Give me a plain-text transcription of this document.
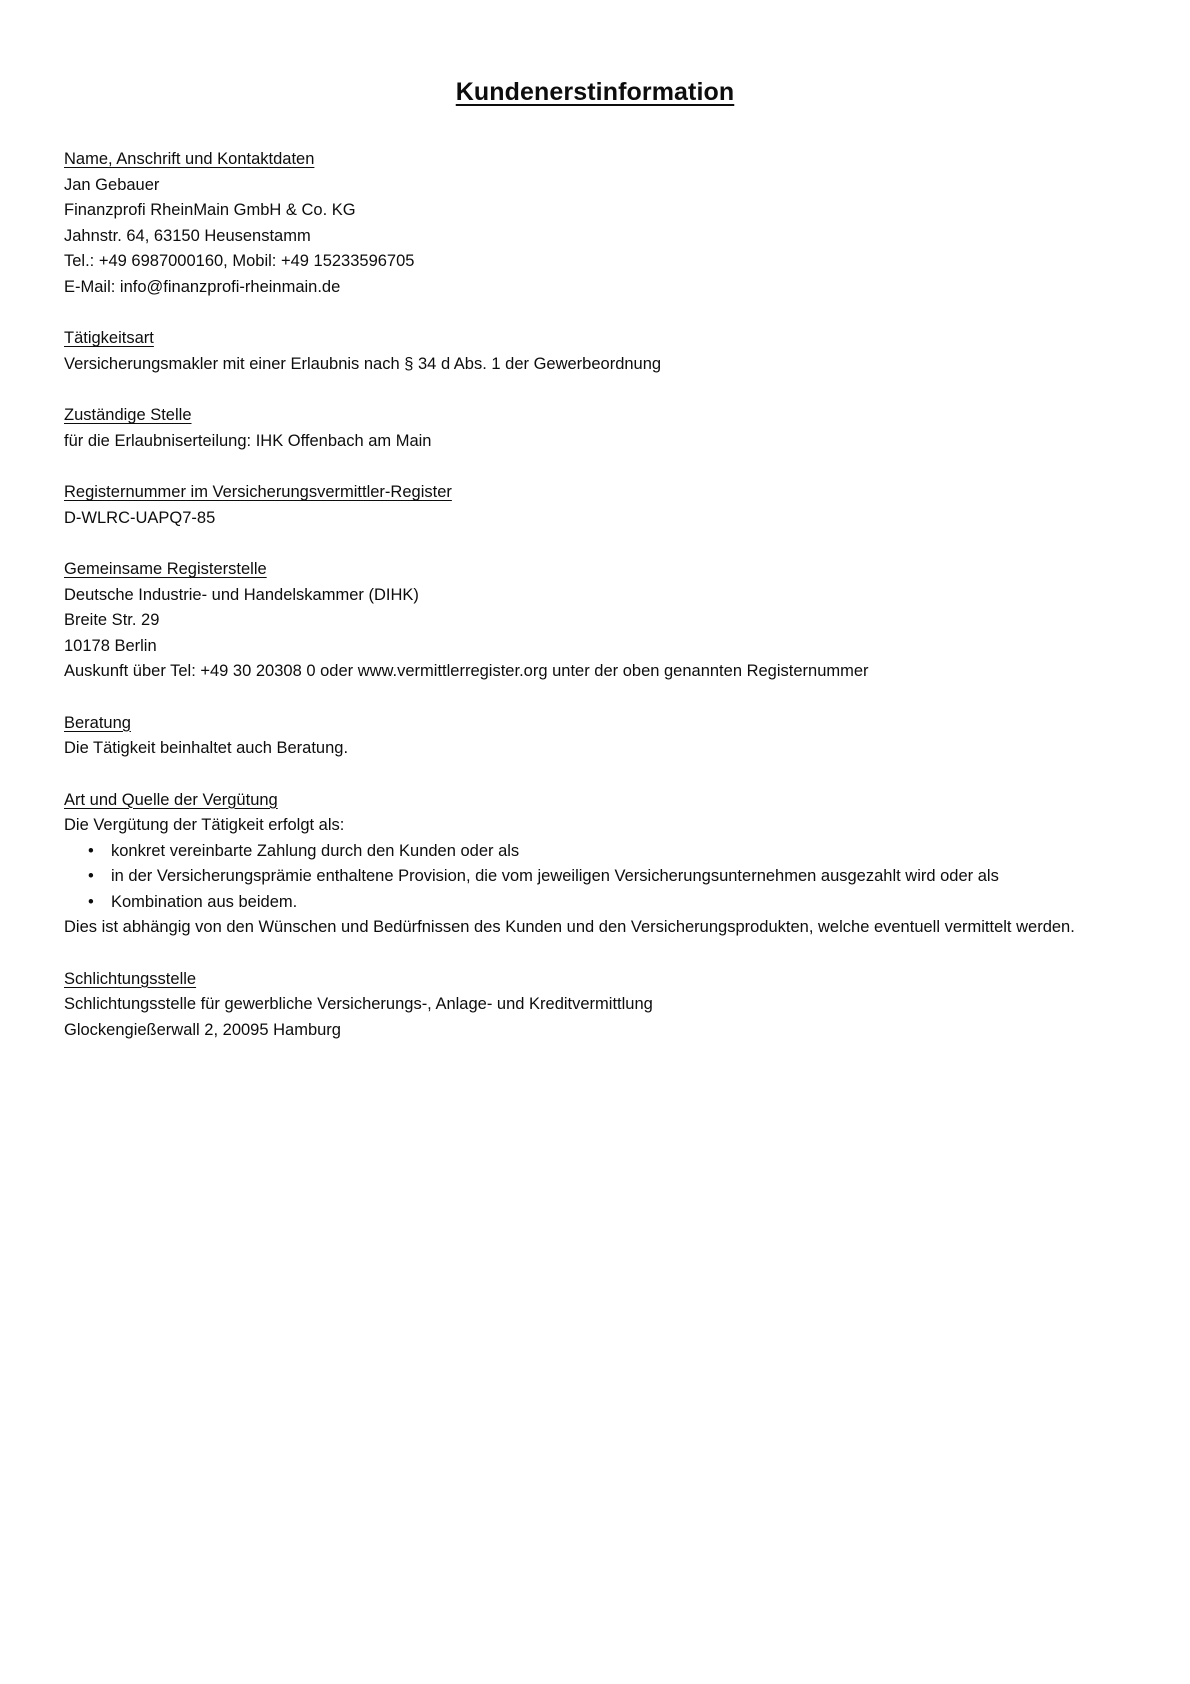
Kundenerstinformation
Name, Anschrift und Kontaktdaten

Jan Gebauer

Finanzprofi RheinMain GmbH & Co. KG

Jahnstr. 64, 63150 Heusenstamm

Tel.: +49 6987000160, Mobil: +49 15233596705

E-Mail: info@finanzprofi-rheinmain.de

Tätigkeitsart

Versicherungsmakler mit einer Erlaubnis nach § 34 d Abs. 1 der Gewerbeordnung

Zuständige Stelle

für die Erlaubniserteilung: IHK Offenbach am Main

Registernummer im Versicherungsvermittler-Register

D-WLRC-UAPQ7-85

Gemeinsame Registerstelle

Deutsche Industrie- und Handelskammer (DIHK)

Breite Str. 29

10178 Berlin

Auskunft über Tel: +49 30 20308 0 oder www.vermittlerregister.org unter der oben genannten Registernummer

Beratung

Die Tätigkeit beinhaltet auch Beratung.

Art und Quelle der Vergütung

Die Vergütung der Tätigkeit erfolgt als:

• konkret vereinbarte Zahlung durch den Kunden oder als
• in der Versicherungsprämie enthaltene Provision, die vom jeweiligen Versicherungsunternehmen ausgezahlt wird oder als
• Kombination aus beidem.

Dies ist abhängig von den Wünschen und Bedürfnissen des Kunden und den Versicherungsprodukten, welche eventuell vermittelt werden.

Schlichtungsstelle

Schlichtungsstelle für gewerbliche Versicherungs-, Anlage- und Kreditvermittlung

Glockengießerwall 2, 20095 Hamburg
